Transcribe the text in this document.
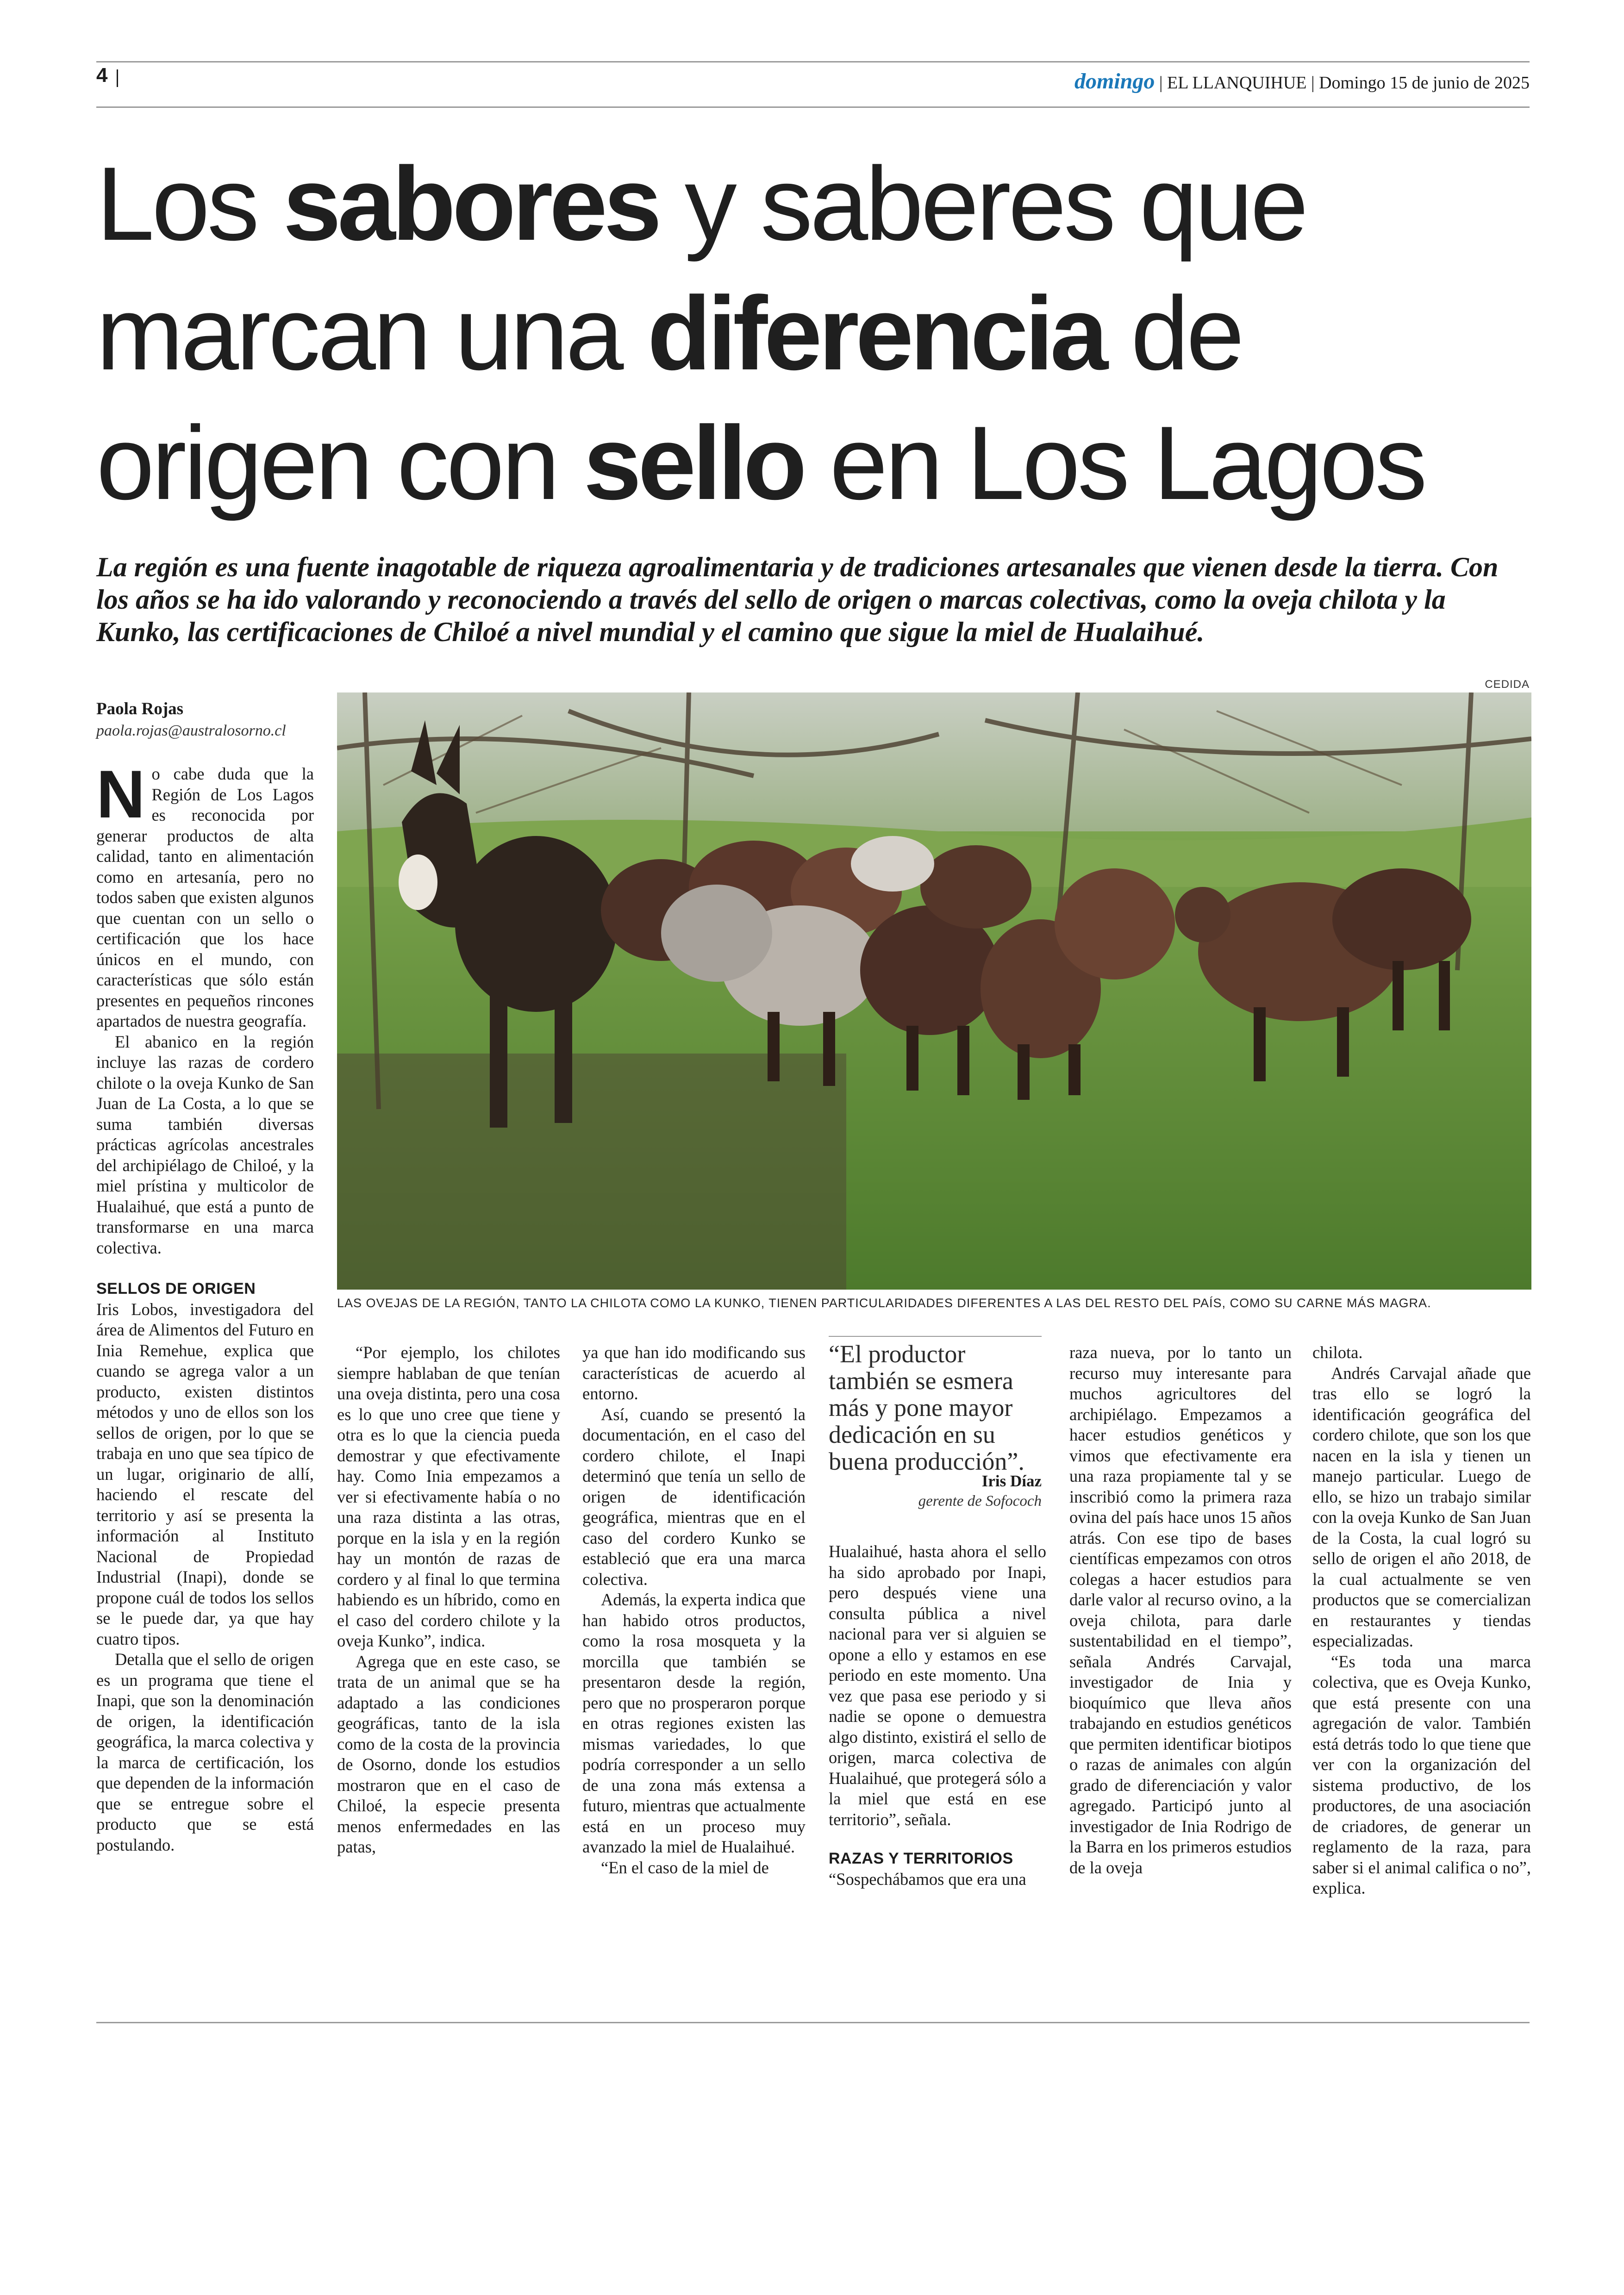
4	domingo | EL LLANQUIHUE | Domingo 15 de junio de 2025
Los sabores y saberes que
marcan una diferencia de
origen con sello en Los Lagos
La región es una fuente inagotable de riqueza agroalimentaria y de tradiciones artesanales que vienen desde la tierra. Con los años se ha ido valorando y reconociendo a través del sello de origen o marcas colectivas, como la oveja chilota y la Kunko, las certificaciones de Chiloé a nivel mundial y el camino que sigue la miel de Hualaihué.
Paola Rojas
paola.rojas@australosorno.cl
CEDIDA
LAS OVEJAS DE LA REGIÓN, TANTO LA CHILOTA COMO LA KUNKO, TIENEN PARTICULARIDADES DIFERENTES A LAS DEL RESTO DEL PAÍS, COMO SU CARNE MÁS MAGRA.

No cabe duda que la Región de Los Lagos es reconocida por generar productos de alta calidad, tanto en alimentación como en artesanía, pero no todos saben que existen algunos que cuentan con un sello o certificación que los hace únicos en el mundo, con características que sólo están presentes en pequeños rincones apartados de nuestra geografía.

El abanico en la región incluye las razas de cordero chilote o la oveja Kunko de San Juan de La Costa, a lo que se suma también diversas prácticas agrícolas ancestrales del archipiélago de Chiloé, y la miel prístina y multicolor de Hualaihué, que está a punto de transformarse en una marca colectiva.

SELLOS DE ORIGEN

Iris Lobos, investigadora del área de Alimentos del Futuro en Inia Remehue, explica que cuando se agrega valor a un producto, existen distintos métodos y uno de ellos son los sellos de origen, por lo que se trabaja en uno que sea típico de un lugar, originario de allí, haciendo el rescate del territorio y así se presenta la información al Instituto Nacional de Propiedad Industrial (Inapi), donde se propone cuál de todos los sellos se le puede dar, ya que hay cuatro tipos.

Detalla que el sello de origen es un programa que tiene el Inapi, que son la denominación de origen, la identificación geográfica, la marca colectiva y la marca de certificación, los que dependen de la información que se entregue sobre el producto que se está postulando.

“Por ejemplo, los chilotes siempre hablaban de que tenían una oveja distinta, pero una cosa es lo que uno cree que tiene y otra es lo que la ciencia pueda demostrar y que efectivamente hay. Como Inia empezamos a ver si efectivamente había o no una raza distinta a las otras, porque en la isla y en la región hay un montón de razas de cordero y al final lo que termina habiendo es un híbrido, como en el caso del cordero chilote y la oveja Kunko”, indica.

Agrega que en este caso, se trata de un animal que se ha adaptado a las condiciones geográficas, tanto de la isla como de la costa de la provincia de Osorno, donde los estudios mostraron que en el caso de Chiloé, la especie presenta menos enfermedades en las patas,

ya que han ido modificando sus características de acuerdo al entorno.

Así, cuando se presentó la documentación, en el caso del cordero chilote, el Inapi determinó que tenía un sello de origen de identificación geográfica, mientras que en el caso del cordero Kunko se estableció que era una marca colectiva.

Además, la experta indica que han habido otros productos, como la rosa mosqueta y la morcilla que también se presentaron desde la región, pero que no prosperaron porque en otras regiones existen las mismas variedades, lo que podría corresponder a un sello de una zona más extensa a futuro, mientras que actualmente está en un proceso muy avanzado la miel de Hualaihué.

“En el caso de la miel de

“El productor también se esmera más y pone mayor dedicación en su buena producción”.
Iris Díaz
gerente de Sofococh

Hualaihué, hasta ahora el sello ha sido aprobado por Inapi, pero después viene una consulta pública a nivel nacional para ver si alguien se opone a ello y estamos en ese periodo en este momento. Una vez que pasa ese periodo y si nadie se opone o demuestra algo distinto, existirá el sello de origen, marca colectiva de Hualaihué, que protegerá sólo a la miel que está en ese territorio”, señala.

RAZAS Y TERRITORIOS

“Sospechábamos que era una

raza nueva, por lo tanto un recurso muy interesante para muchos agricultores del archipiélago. Empezamos a hacer estudios genéticos y vimos que efectivamente era una raza propiamente tal y se inscribió como la primera raza ovina del país hace unos 15 años atrás. Con ese tipo de bases científicas empezamos con otros colegas a hacer estudios para darle valor al recurso ovino, a la oveja chilota, para darle sustentabilidad en el tiempo”, señala Andrés Carvajal, investigador de Inia y bioquímico que lleva años trabajando en estudios genéticos que permiten identificar biotipos o razas de animales con algún grado de diferenciación y valor agregado. Participó junto al investigador de Inia Rodrigo de la Barra en los primeros estudios de la oveja

chilota.

Andrés Carvajal añade que tras ello se logró la identificación geográfica del cordero chilote, que son los que nacen en la isla y tienen un manejo particular. Luego de ello, se hizo un trabajo similar con la oveja Kunko de San Juan de la Costa, la cual logró su sello de origen el año 2018, de la cual actualmente se ven productos que se comercializan en restaurantes y tiendas especializadas.

“Es toda una marca colectiva, que es Oveja Kunko, que está presente con una agregación de valor. También está detrás todo lo que tiene que ver con la organización del sistema productivo, de los productores, de una asociación de criadores, de generar un reglamento de la raza, para saber si el animal califica o no”, explica.
